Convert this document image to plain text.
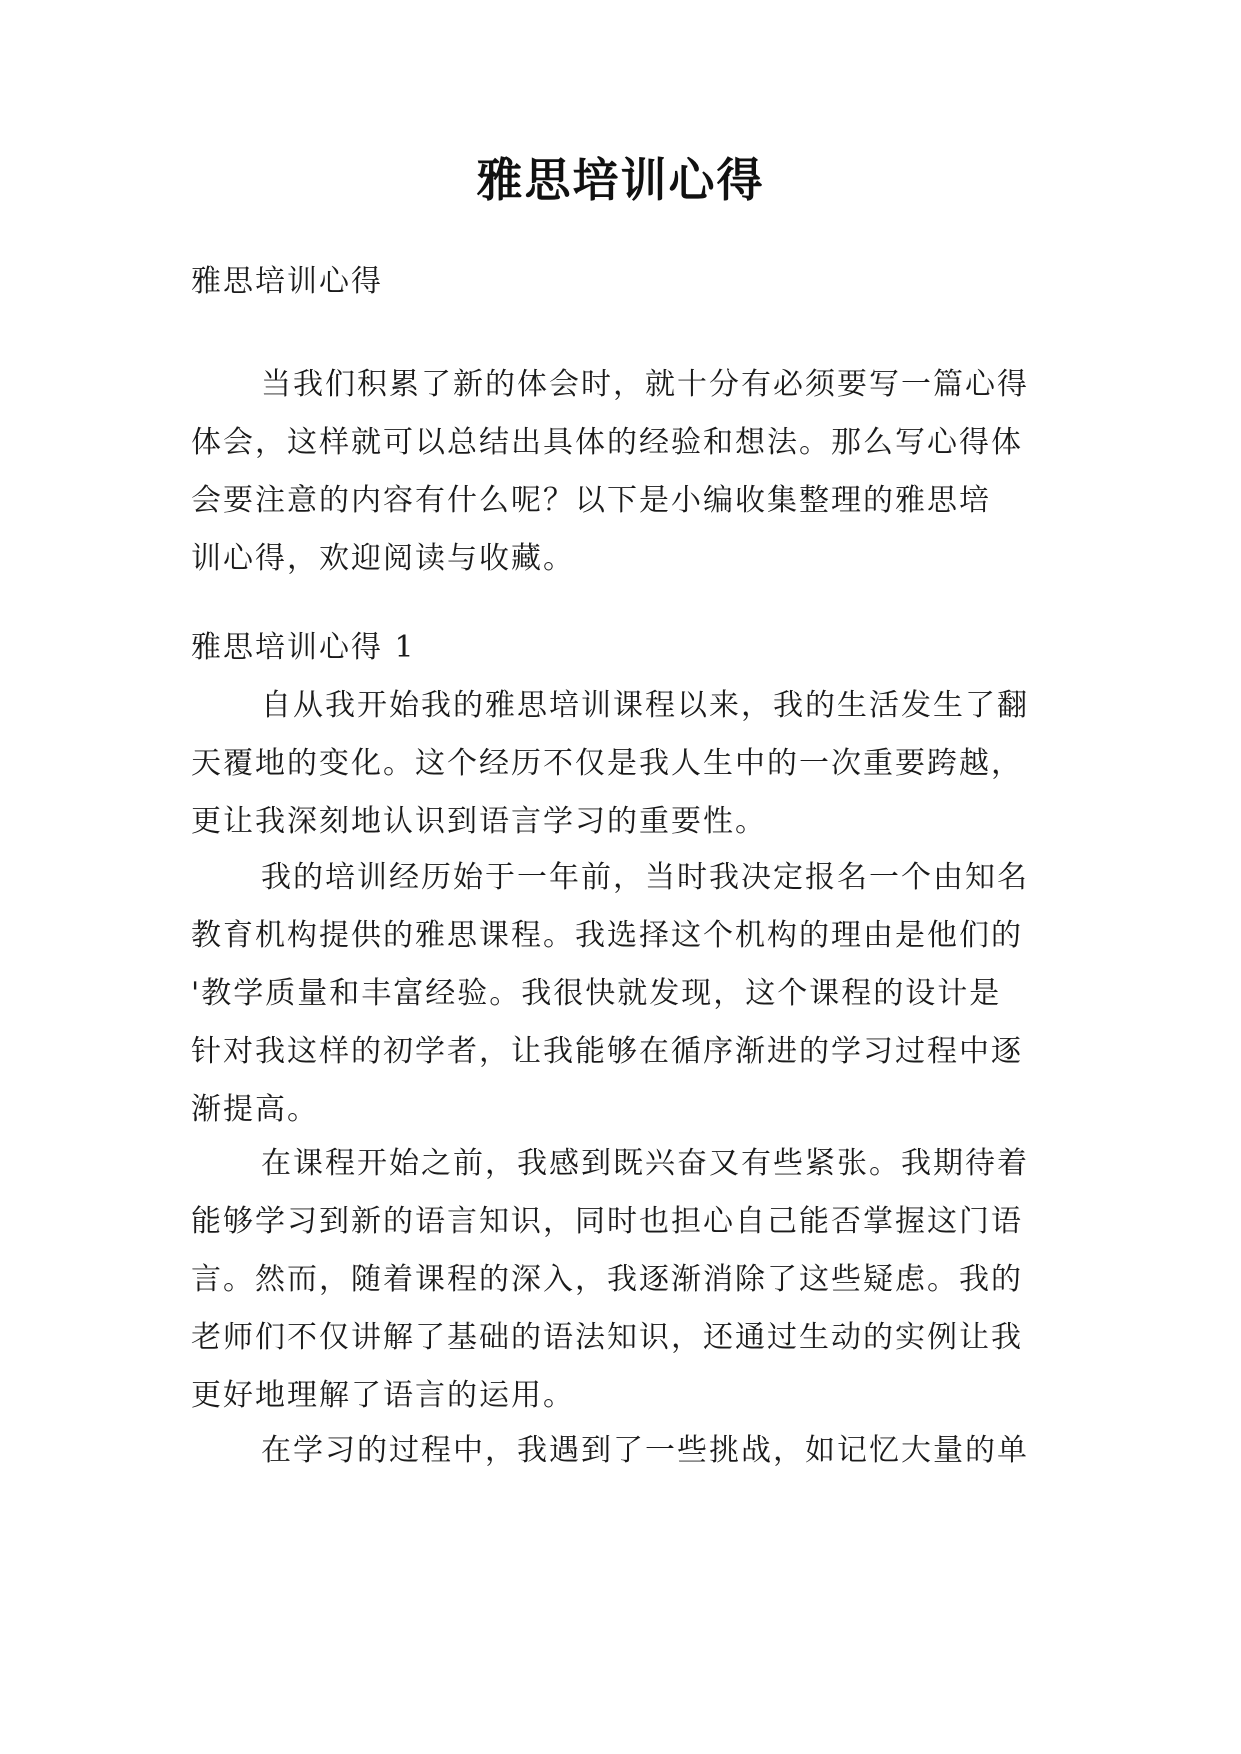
雅思培训心得
雅思培训心得
当我们积累了新的体会时，就十分有必须要写一篇心得
体会，这样就可以总结出具体的经验和想法。那么写心得体
会要注意的内容有什么呢？以下是小编收集整理的雅思培
训心得，欢迎阅读与收藏。
雅思培训心得 1
自从我开始我的雅思培训课程以来，我的生活发生了翻
天覆地的变化。这个经历不仅是我人生中的一次重要跨越，
更让我深刻地认识到语言学习的重要性。
我的培训经历始于一年前，当时我决定报名一个由知名
教育机构提供的雅思课程。我选择这个机构的理由是他们的
'教学质量和丰富经验。我很快就发现，这个课程的设计是
针对我这样的初学者，让我能够在循序渐进的学习过程中逐
渐提高。
在课程开始之前，我感到既兴奋又有些紧张。我期待着
能够学习到新的语言知识，同时也担心自己能否掌握这门语
言。然而，随着课程的深入，我逐渐消除了这些疑虑。我的
老师们不仅讲解了基础的语法知识，还通过生动的实例让我
更好地理解了语言的运用。
在学习的过程中，我遇到了一些挑战，如记忆大量的单
